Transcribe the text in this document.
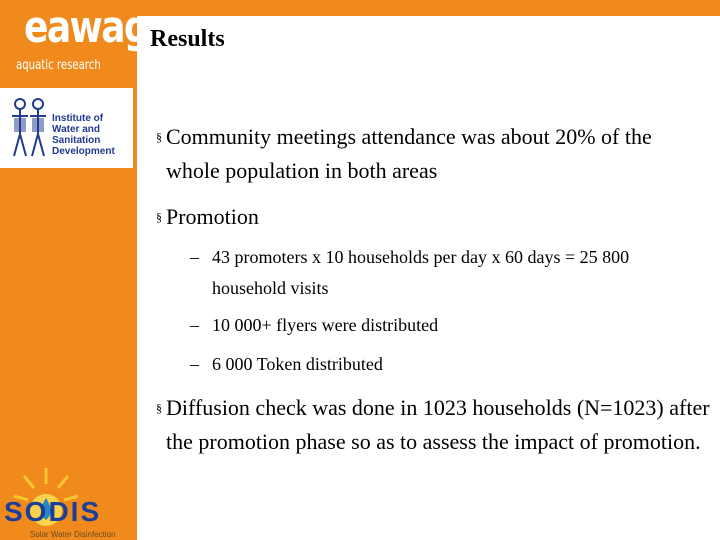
eawag
aquatic research
Institute of
Water and
Sanitation
Development
SODIS
Solar Water Disinfection
Results
§ Community meetings attendance was about 20% of the whole population in both areas
§ Promotion
– 43 promoters x 10 households per day x 60 days = 25 800 household visits
– 10 000+ flyers were distributed
– 6 000 Token distributed
§ Diffusion check was done in 1023 households (N=1023) after the promotion phase so as to assess the impact of promotion.
